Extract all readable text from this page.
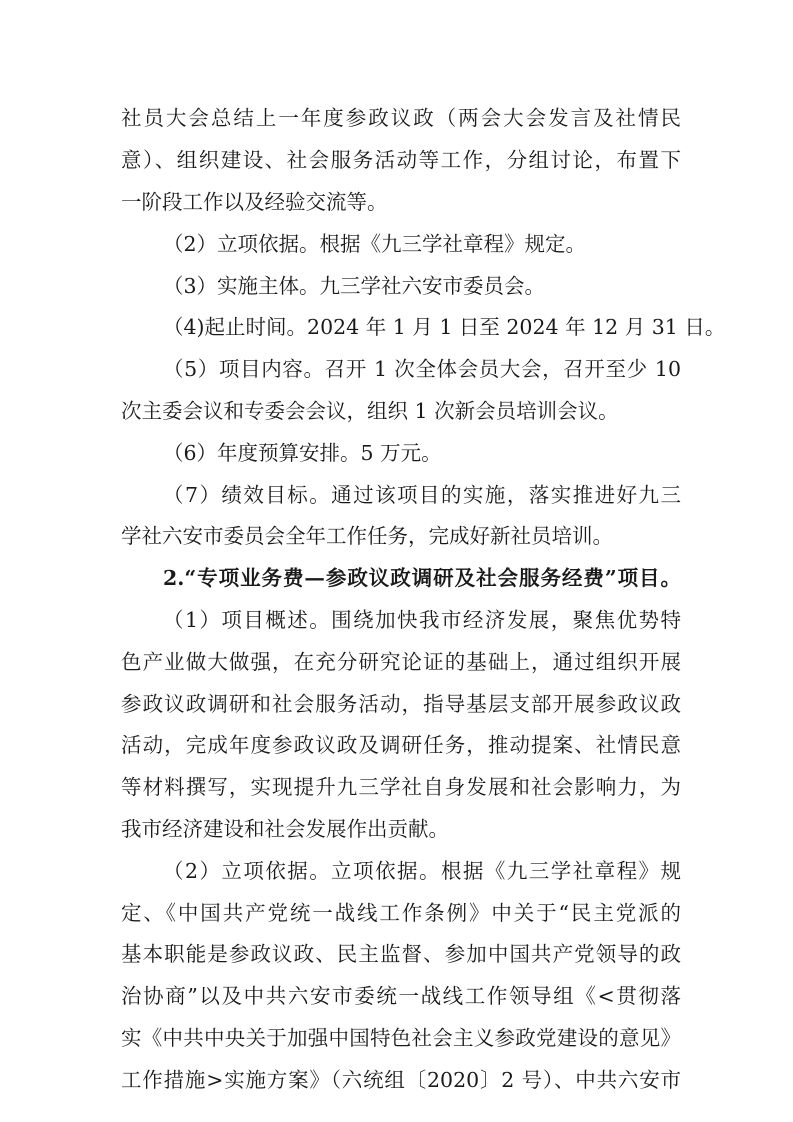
社员大会总结上一年度参政议政（两会大会发言及社情民
意）、组织建设、社会服务活动等工作，分组讨论，布置下
一阶段工作以及经验交流等。
（2）立项依据。根据《九三学社章程》规定。
（3）实施主体。九三学社六安市委员会。
（4)起止时间。2024 年 1 月 1 日至 2024 年 12 月 31 日。
（5）项目内容。召开 1 次全体会员大会，召开至少 10
次主委会议和专委会会议，组织 1 次新会员培训会议。
（6）年度预算安排。5 万元。
（7）绩效目标。通过该项目的实施，落实推进好九三
学社六安市委员会全年工作任务，完成好新社员培训。
2.“专项业务费—参政议政调研及社会服务经费”项目。
（1）项目概述。围绕加快我市经济发展，聚焦优势特
色产业做大做强，在充分研究论证的基础上，通过组织开展
参政议政调研和社会服务活动，指导基层支部开展参政议政
活动，完成年度参政议政及调研任务，推动提案、社情民意
等材料撰写，实现提升九三学社自身发展和社会影响力，为
我市经济建设和社会发展作出贡献。
（2）立项依据。立项依据。根据《九三学社章程》规
定、《中国共产党统一战线工作条例》中关于“民主党派的
基本职能是参政议政、民主监督、参加中国共产党领导的政
治协商”以及中共六安市委统一战线工作领导组《<贯彻落
实《中共中央关于加强中国特色社会主义参政党建设的意见》
工作措施>实施方案》（六统组〔2020〕2 号）、中共六安市
